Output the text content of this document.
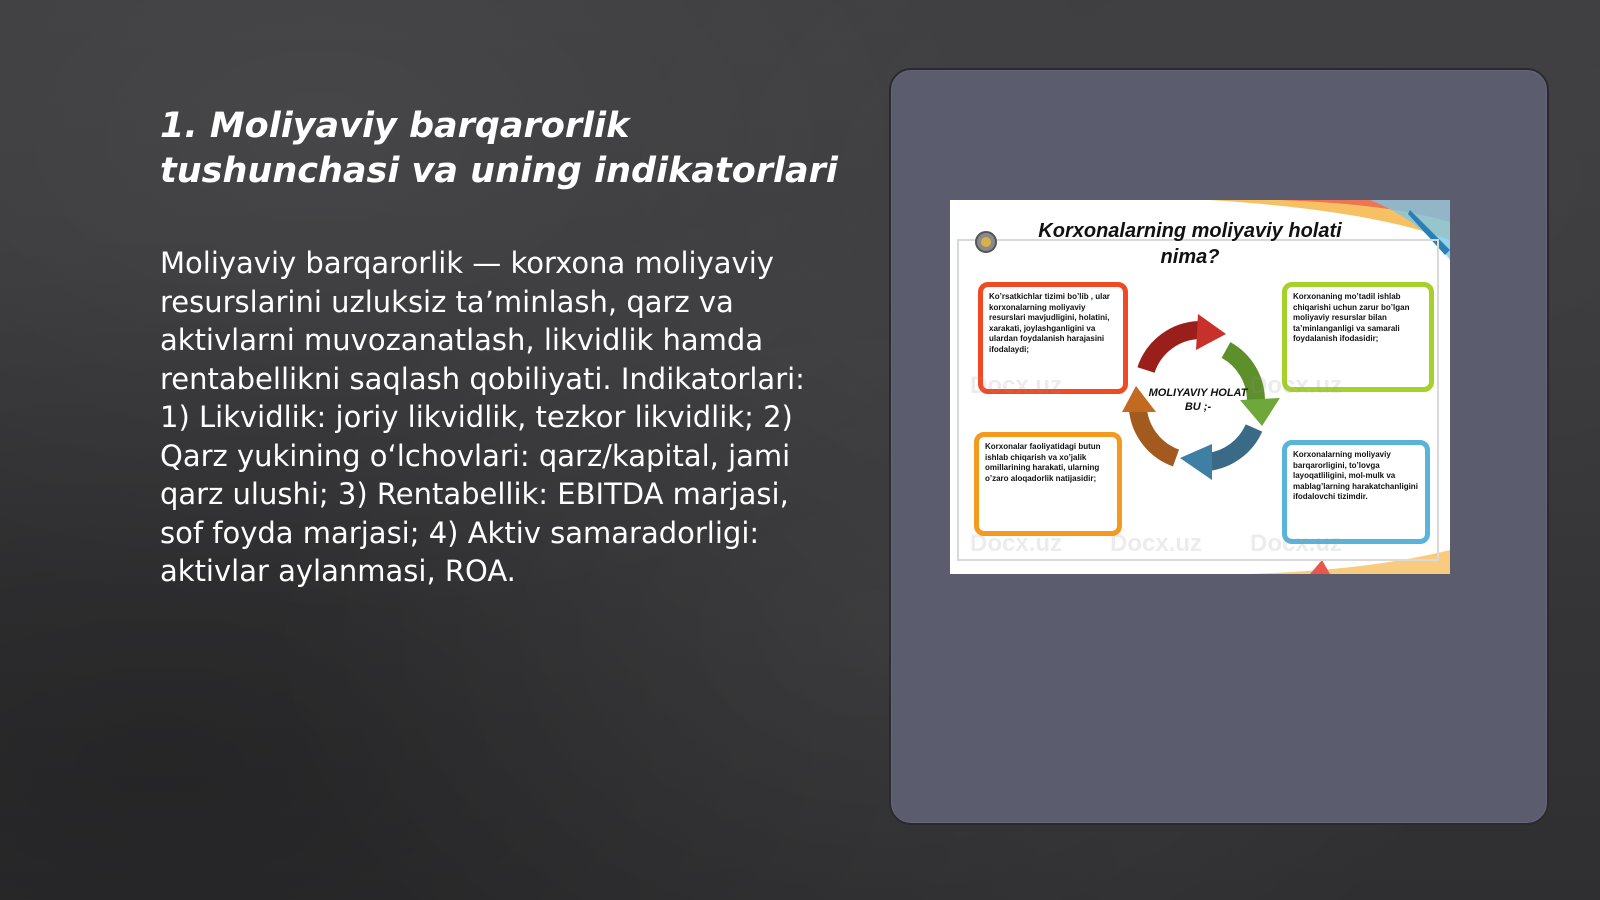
1. Moliyaviy barqarorlik tushunchasi va uning indikatorlari
Moliyaviy barqarorlik — korxona moliyaviy resurslarini uzluksiz ta’minlash, qarz va aktivlarni muvozanatlash, likvidlik hamda rentabellikni saqlash qobiliyati. Indikatorlari: 1) Likvidlik: joriy likvidlik, tezkor likvidlik; 2) Qarz yukining o‘lchovlari: qarz/kapital, jami qarz ulushi; 3) Rentabellik: EBITDA marjasi, sof foyda marjasi; 4) Aktiv samaradorligi: aktivlar aylanmasi, ROA.
Korxonalarning moliyaviy holati nima?
Ko’rsatkichlar tizimi bo’lib , ular korxonalarning moliyaviy resurslari mavjudligini, holatini, xarakati, joylashganligini va ulardan foydalanish harajasini ifodalaydi;
Korxonaning mo’tadil ishlab chiqarishi uchun zarur bo’lgan moliyaviy resurslar bilan ta’minlanganligi va samarali foydalanish ifodasidir;
Korxonalar faoliyatidagi butun ishlab chiqarish va xo’jalik omillarining harakati, ularning o’zaro aloqadorlik natijasidir;
Korxonalarning moliyaviy barqarorligini, to’lovga layoqatliligini, mol-mulk va mablag’larning harakatchanligini ifodalovchi tizimdir.
MOLIYAVIY HOLAT BU ;-
Docx.uz Docx.uz Docx.uz
Docx.uz	Docx.uz
